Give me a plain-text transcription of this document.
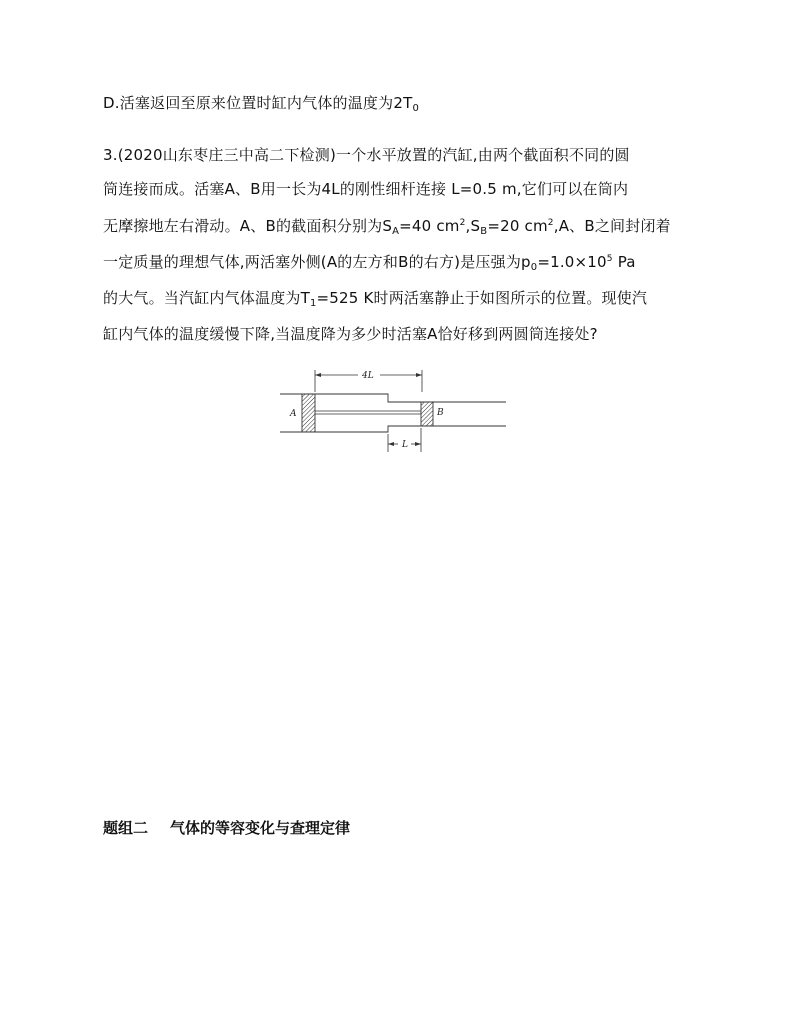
D.活塞返回至原来位置时缸内气体的温度为$2T_0$
3.(2020山东枣庄三中高二下检测)一个水平放置的汽缸,由两个截面积不同的圆
筒连接而成。活塞A、B用一长为4L的刚性细杆连接 L=0.5 m,它们可以在筒内
无摩擦地左右滑动。A、B的截面积分别为$S_A=40$ $cm^2,S_B=20$ $cm^2,A$、B之间封闭着
一定质量的理想气体,两活塞外侧(A的左方和B的右方)是压强为$p_0=1.0\times 10^5$ Pa
的大气。当汽缸内气体温度为$T_1=525$ K时两活塞静止于如图所示的位置。现使汽
缸内气体的温度缓慢下降,当温度降为多少时活塞A恰好移到两圆筒连接处?
4L
A	B
L
题组二 气体的等容变化与查理定律
